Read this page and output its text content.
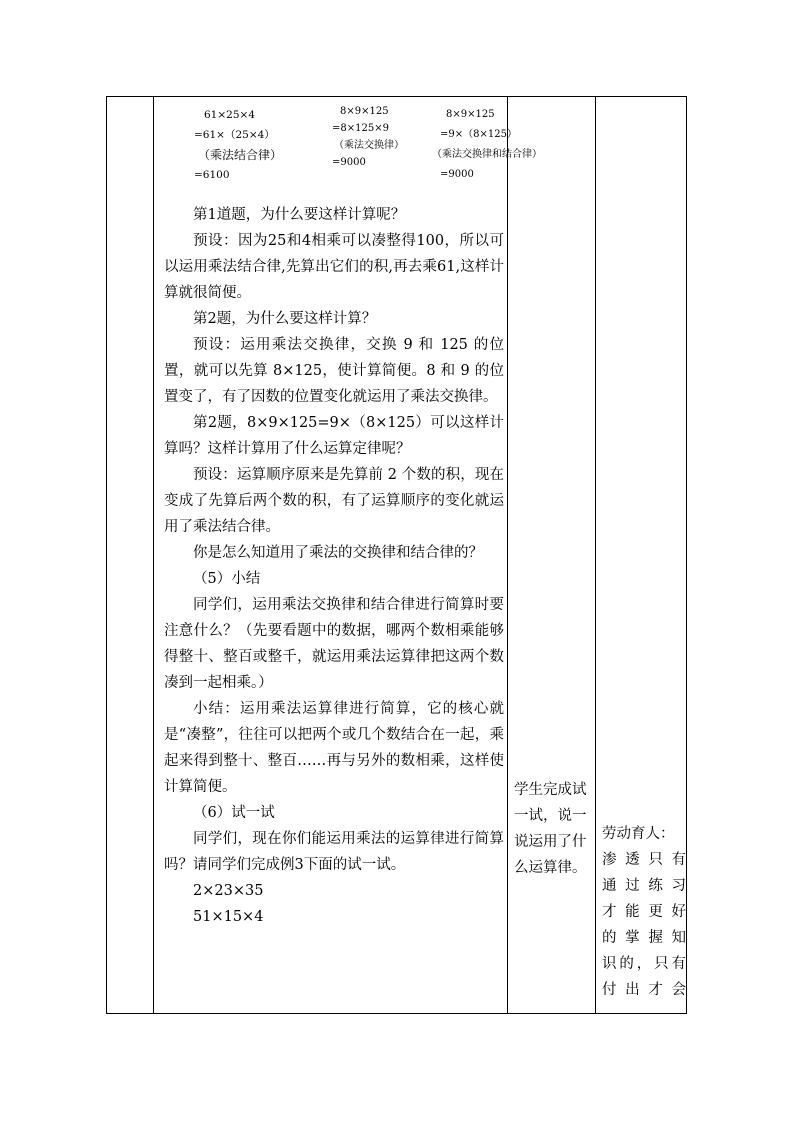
61×25×4
=61×（25×4）
（乘法结合律）
=6100
8×9×125
=8×125×9
（乘法交换律）
=9000
8×9×125
=9×（8×125）
（乘法交换律和结合律）
=9000

第1道题，为什么要这样计算呢？

预设：因为25和4相乘可以凑整得100，所以可以运用乘法结合律,先算出它们的积,再去乘61,这样计算就很简便。

第2题，为什么要这样计算？

预设：运用乘法交换律，交换 9 和 125 的位置，就可以先算 8×125，使计算简便。8 和 9 的位置变了，有了因数的位置变化就运用了乘法交换律。

第2题，8×9×125=9×（8×125）可以这样计算吗？这样计算用了什么运算定律呢？

预设：运算顺序原来是先算前 2 个数的积，现在变成了先算后两个数的积，有了运算顺序的变化就运用了乘法结合律。

你是怎么知道用了乘法的交换律和结合律的？

（5）小结

同学们，运用乘法交换律和结合律进行简算时要注意什么？（先要看题中的数据，哪两个数相乘能够得整十、整百或整千，就运用乘法运算律把这两个数凑到一起相乘。）

小结：运用乘法运算律进行简算，它的核心就是“凑整”，往往可以把两个或几个数结合在一起，乘起来得到整十、整百……再与另外的数相乘，这样使计算简便。

（6）试一试

同学们，现在你们能运用乘法的运算律进行简算吗？请同学们完成例3下面的试一试。

2×23×35

51×15×4

学生完成试一试，说一说运用了什么运算律。
劳动育人：
渗透只有
通过练习
才能更好
的掌握知
识的，只有
付出才会
